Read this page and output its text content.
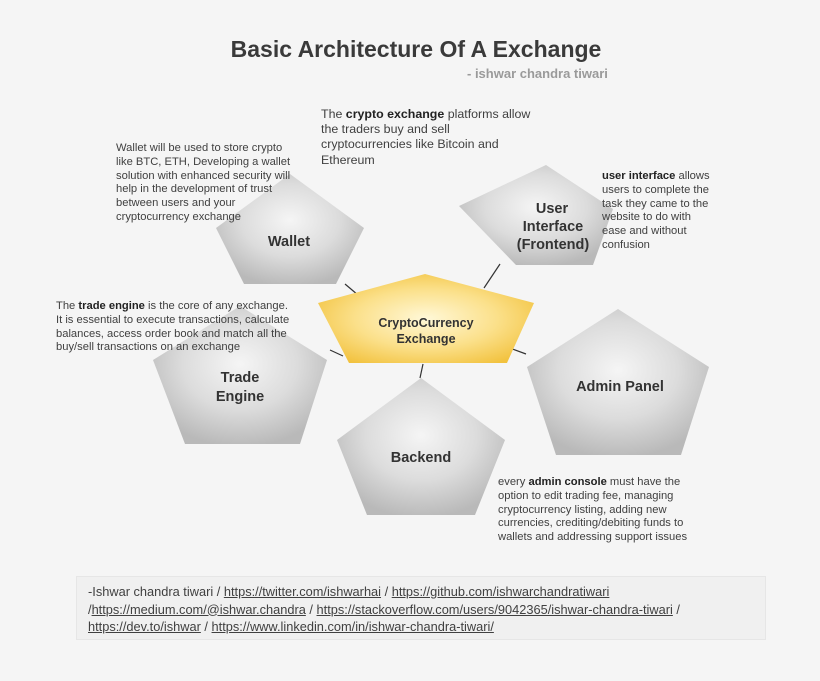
Basic Architecture Of A Exchange
- ishwar chandra tiwari
Wallet
User
Interface
(Frontend)
Trade
Engine
Backend
Admin Panel
CryptoCurrency
Exchange
The crypto exchange platforms allow the traders buy and sell cryptocurrencies like Bitcoin and Ethereum
Wallet will be used to store crypto like BTC, ETH, Developing a wallet solution with enhanced security will help in the development of trust between users and your cryptocurrency exchange
user interface allows users to complete the task they came to the website to do with ease and without confusion
The trade engine is the core of any exchange.
It is essential to execute transactions, calculate balances, access order book and match all the buy/sell transactions on an exchange
every admin console must have the option to edit trading fee, managing cryptocurrency listing, adding new currencies, crediting/debiting funds to wallets and addressing support issues
-Ishwar chandra tiwari / https://twitter.com/ishwarhai / https://github.com/ishwarchandratiwari
/https://medium.com/@ishwar.chandra / https://stackoverflow.com/users/9042365/ishwar-chandra-tiwari /
https://dev.to/ishwar / https://www.linkedin.com/in/ishwar-chandra-tiwari/
